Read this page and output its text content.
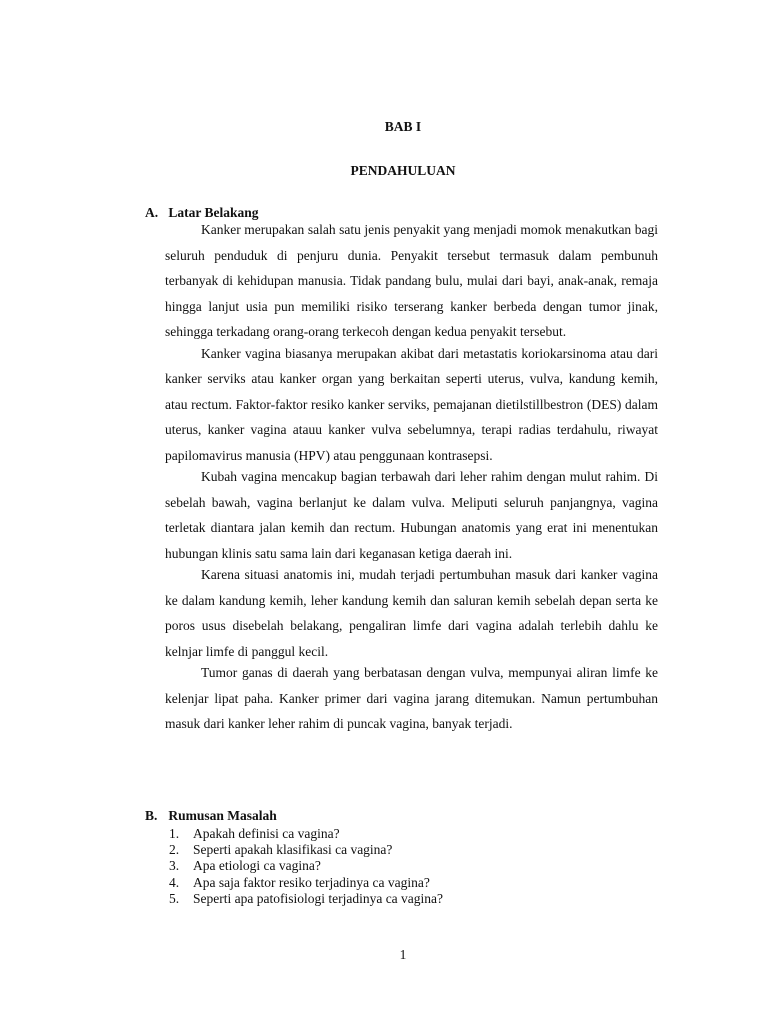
BAB I
PENDAHULUAN
A. Latar Belakang

Kanker merupakan salah satu jenis penyakit yang menjadi momok menakutkan bagi seluruh penduduk di penjuru dunia. Penyakit tersebut termasuk dalam pembunuh terbanyak di kehidupan manusia. Tidak pandang bulu, mulai dari bayi, anak-anak, remaja hingga lanjut usia pun memiliki risiko terserang kanker berbeda dengan tumor jinak, sehingga terkadang orang-orang terkecoh dengan kedua penyakit tersebut.

Kanker vagina biasanya merupakan akibat dari metastatis koriokarsinoma atau dari kanker serviks atau kanker organ yang berkaitan seperti uterus, vulva, kandung kemih, atau rectum. Faktor-faktor resiko kanker serviks, pemajanan dietilstillbestron (DES) dalam uterus, kanker vagina atauu kanker vulva sebelumnya, terapi radias terdahulu, riwayat papilomavirus manusia (HPV) atau penggunaan kontrasepsi.

Kubah vagina mencakup bagian terbawah dari leher rahim dengan mulut rahim. Di sebelah bawah, vagina berlanjut ke dalam vulva. Meliputi seluruh panjangnya, vagina terletak diantara jalan kemih dan rectum. Hubungan anatomis yang erat ini menentukan hubungan klinis satu sama lain dari keganasan ketiga daerah ini.

Karena situasi anatomis ini, mudah terjadi pertumbuhan masuk dari kanker vagina ke dalam kandung kemih, leher kandung kemih dan saluran kemih sebelah depan serta ke poros usus disebelah belakang, pengaliran limfe dari vagina adalah terlebih dahlu ke kelnjar limfe di panggul kecil.

Tumor ganas di daerah yang berbatasan dengan vulva, mempunyai aliran limfe ke kelenjar lipat paha. Kanker primer dari vagina jarang ditemukan. Namun pertumbuhan masuk dari kanker leher rahim di puncak vagina, banyak terjadi.

B. Rumusan Masalah
1.	Apakah definisi ca vagina?
2.	Seperti apakah klasifikasi ca vagina?
3.	Apa etiologi ca vagina?
4.	Apa saja faktor resiko terjadinya ca vagina?
5.	Seperti apa patofisiologi terjadinya ca vagina?
1
